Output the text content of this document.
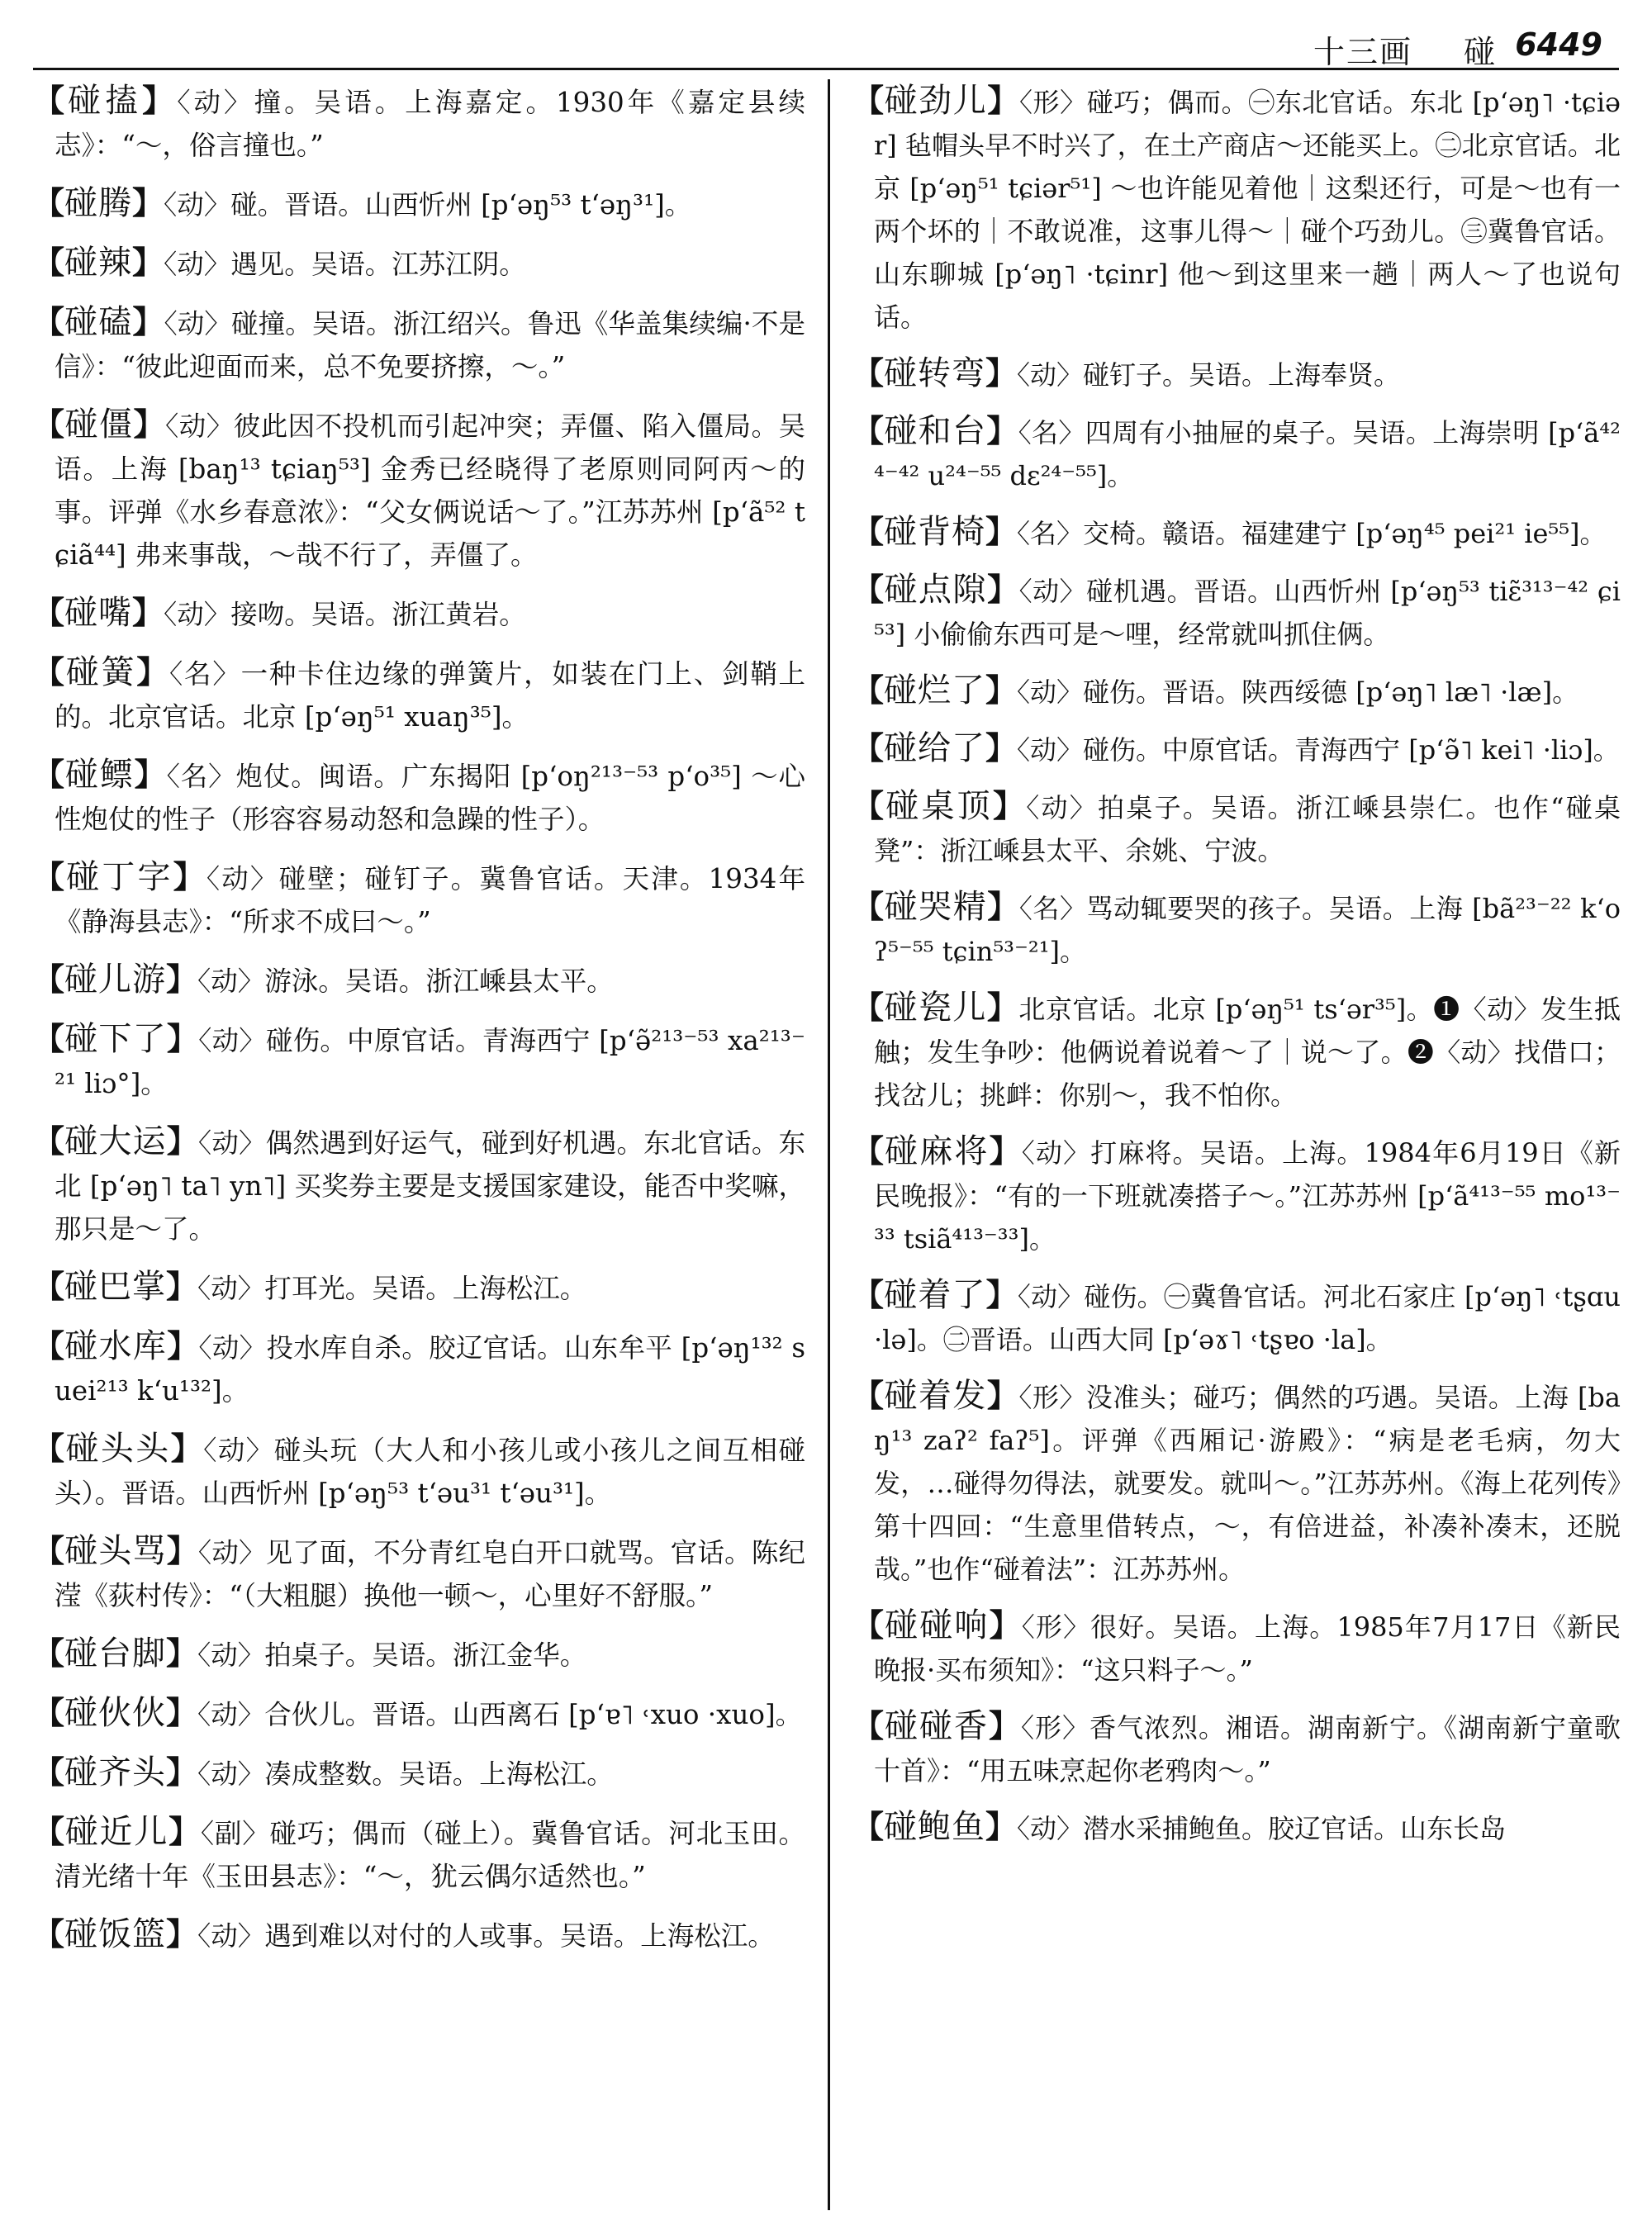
十三画 碰 6449

【碰搕】〈动〉撞。吴语。上海嘉定。1930年《嘉定县续志》：“～，俗言撞也。”

【碰腾】〈动〉碰。晋语。山西忻州 [p‘əŋ⁵³ t‘əŋ³¹]。

【碰辣】〈动〉遇见。吴语。江苏江阴。

【碰磕】〈动〉碰撞。吴语。浙江绍兴。鲁迅《华盖集续编·不是信》：“彼此迎面而来，总不免要挤擦，～。”

【碰僵】〈动〉彼此因不投机而引起冲突；弄僵、陷入僵局。吴语。上海 [baŋ¹³ tɕiaŋ⁵³] 金秀已经晓得了老原则同阿丙～的事。评弹《水乡春意浓》：“父女俩说话～了。”江苏苏州 [p‘ã⁵² tɕiã⁴⁴] 弗来事哉，～哉不行了，弄僵了。

【碰嘴】〈动〉接吻。吴语。浙江黄岩。

【碰簧】〈名〉一种卡住边缘的弹簧片，如装在门上、剑鞘上的。北京官话。北京 [p‘əŋ⁵¹ xuaŋ³⁵]。

【碰鳔】〈名〉炮仗。闽语。广东揭阳 [p‘oŋ²¹³⁻⁵³ p‘o³⁵] ～心性炮仗的性子（形容容易动怒和急躁的性子）。

【碰丁字】〈动〉碰壁；碰钉子。冀鲁官话。天津。1934年《静海县志》：“所求不成曰～。”

【碰儿游】〈动〉游泳。吴语。浙江嵊县太平。

【碰下了】〈动〉碰伤。中原官话。青海西宁 [p‘ə̃²¹³⁻⁵³ xa²¹³⁻²¹ liɔ°]。

【碰大运】〈动〉偶然遇到好运气，碰到好机遇。东北官话。东北 [p‘əŋ˥ ta˥ yn˥] 买奖券主要是支援国家建设，能否中奖嘛，那只是～了。

【碰巴掌】〈动〉打耳光。吴语。上海松江。

【碰水库】〈动〉投水库自杀。胶辽官话。山东牟平 [p‘əŋ¹³² suei²¹³ k‘u¹³²]。

【碰头头】〈动〉碰头玩（大人和小孩儿或小孩儿之间互相碰头）。晋语。山西忻州 [p‘əŋ⁵³ t‘əu³¹ t‘əu³¹]。

【碰头骂】〈动〉见了面，不分青红皂白开口就骂。官话。陈纪滢《荻村传》：“（大粗腿）换他一顿～，心里好不舒服。”

【碰台脚】〈动〉拍桌子。吴语。浙江金华。

【碰伙伙】〈动〉合伙儿。晋语。山西离石 [p‘ɐ˥ ˓xuo ·xuo]。

【碰齐头】〈动〉凑成整数。吴语。上海松江。

【碰近儿】〈副〉碰巧；偶而（碰上）。冀鲁官话。河北玉田。清光绪十年《玉田县志》：“～，犹云偶尔适然也。”

【碰饭篮】〈动〉遇到难以对付的人或事。吴语。上海松江。

【碰劲儿】〈形〉碰巧；偶而。㊀东北官话。东北 [p‘əŋ˥ ·tɕiər] 毡帽头早不时兴了，在土产商店～还能买上。㊁北京官话。北京 [p‘əŋ⁵¹ tɕiər⁵¹] ～也许能见着他｜这梨还行，可是～也有一两个坏的｜不敢说准，这事儿得～｜碰个巧劲儿。㊂冀鲁官话。山东聊城 [p‘əŋ˥ ·tɕinr] 他～到这里来一趟｜两人～了也说句话。

【碰转弯】〈动〉碰钉子。吴语。上海奉贤。

【碰和台】〈名〉四周有小抽屉的桌子。吴语。上海崇明 [p‘ã⁴²⁴⁻⁴² u²⁴⁻⁵⁵ dɛ²⁴⁻⁵⁵]。

【碰背椅】〈名〉交椅。赣语。福建建宁 [p‘əŋ⁴⁵ pei²¹ ie⁵⁵]。

【碰点隙】〈动〉碰机遇。晋语。山西忻州 [p‘əŋ⁵³ tiɛ̃³¹³⁻⁴² ɕi⁵³] 小偷偷东西可是～哩，经常就叫抓住俩。

【碰烂了】〈动〉碰伤。晋语。陕西绥德 [p‘əŋ˥ læ˥ ·læ]。

【碰给了】〈动〉碰伤。中原官话。青海西宁 [p‘ə̃˥ kei˥ ·liɔ]。

【碰桌顶】〈动〉拍桌子。吴语。浙江嵊县崇仁。也作“碰桌凳”：浙江嵊县太平、余姚、宁波。

【碰哭精】〈名〉骂动辄要哭的孩子。吴语。上海 [bã²³⁻²² k‘oʔ⁵⁻⁵⁵ tɕin⁵³⁻²¹]。

【碰瓷儿】北京官话。北京 [p‘əŋ⁵¹ ts‘ər³⁵]。❶〈动〉发生抵触；发生争吵：他俩说着说着～了｜说～了。❷〈动〉找借口；找岔儿；挑衅：你别～，我不怕你。

【碰麻将】〈动〉打麻将。吴语。上海。1984年6月19日《新民晚报》：“有的一下班就凑搭子～。”江苏苏州 [p‘ã⁴¹³⁻⁵⁵ mo¹³⁻³³ tsiã⁴¹³⁻³³]。

【碰着了】〈动〉碰伤。㊀冀鲁官话。河北石家庄 [p‘əŋ˥ ˓tʂɑu ·lə]。㊁晋语。山西大同 [p‘əɤ˥ ˓tʂɐo ·la]。

【碰着发】〈形〉没准头；碰巧；偶然的巧遇。吴语。上海 [baŋ¹³ zaʔ² faʔ⁵]。评弹《西厢记·游殿》：“病是老毛病，勿大发，…碰得勿得法，就要发。就叫～。”江苏苏州。《海上花列传》第十四回：“生意里借转点，～，有倍进益，补凑补凑末，还脱哉。”也作“碰着法”：江苏苏州。

【碰碰响】〈形〉很好。吴语。上海。1985年7月17日《新民晚报·买布须知》：“这只料子～。”

【碰碰香】〈形〉香气浓烈。湘语。湖南新宁。《湖南新宁童歌十首》：“用五味烹起你老鸦肉～。”

【碰鲍鱼】〈动〉潜水采捕鲍鱼。胶辽官话。山东长岛
